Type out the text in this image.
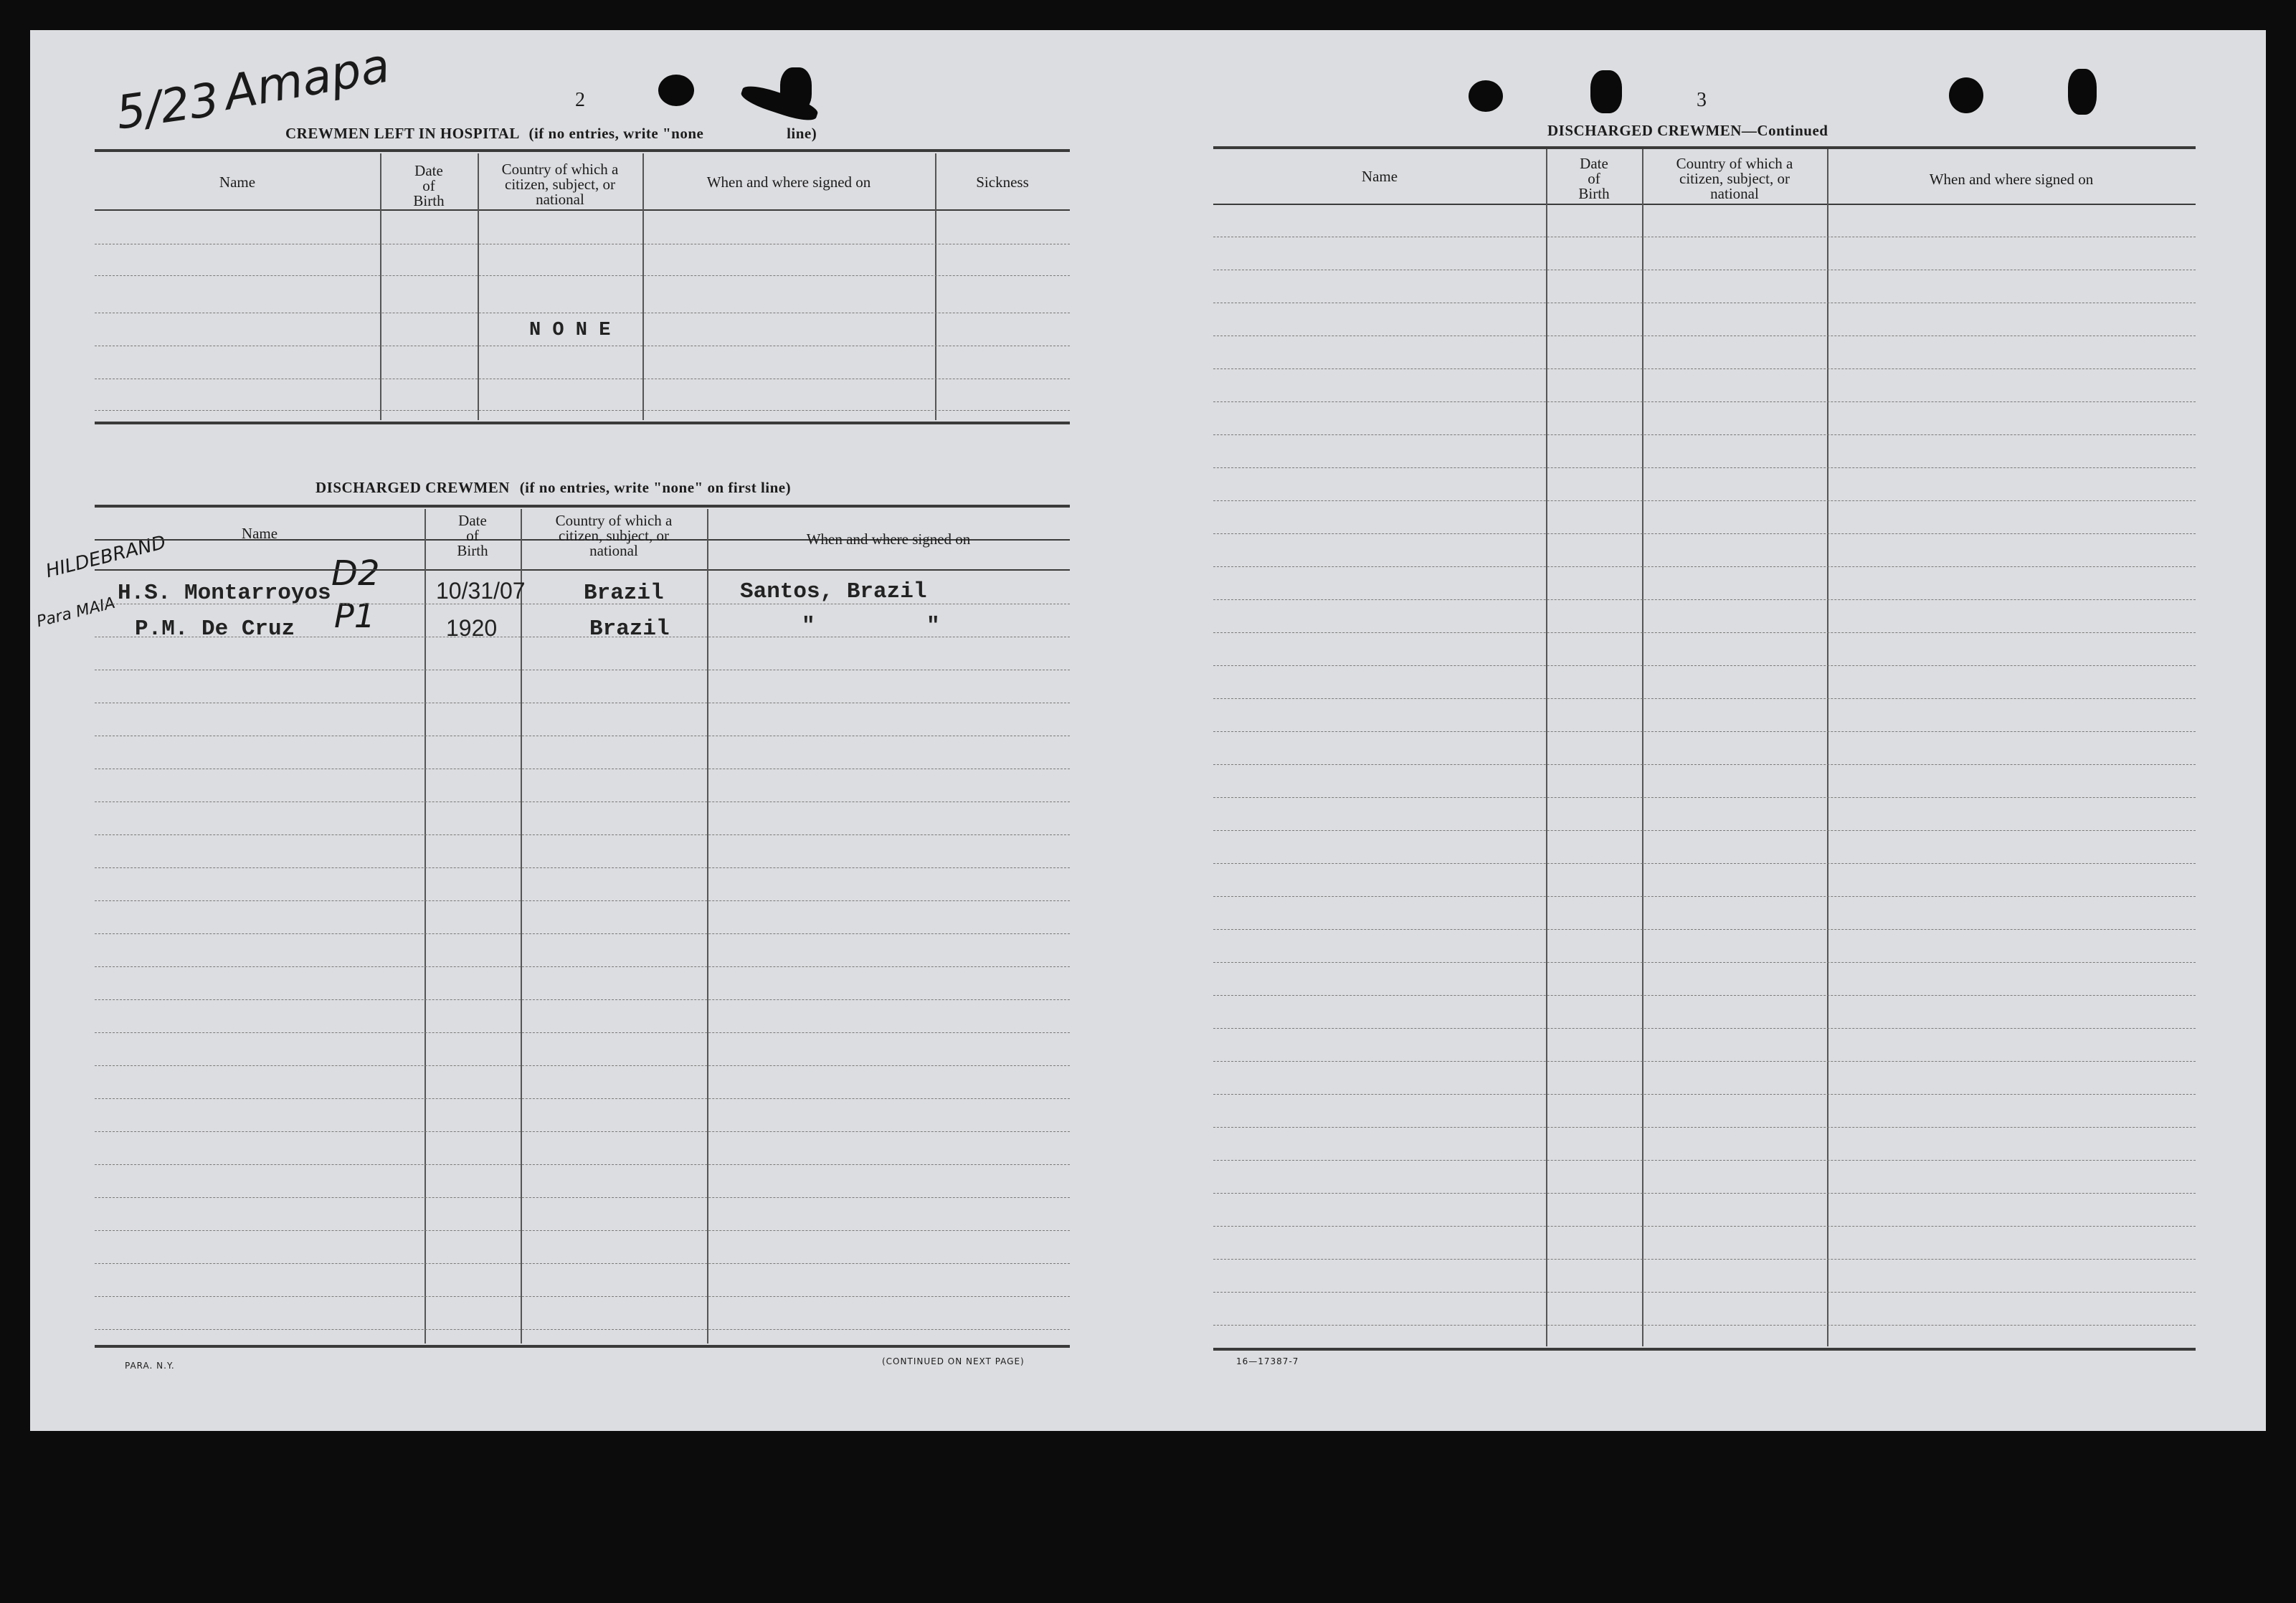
5/23
Amapa
HILDEBRAND
Para MAIA
D2
P1
2
CREWMEN LEFT IN HOSPITAL (if no entries, write "none	line)
Name
Date
of
Birth
Country of which a
citizen, subject, or
national
When and where signed on	Sickness
N O N E
DISCHARGED CREWMEN (if no entries, write "none" on first line)
Name
Date
of
Birth
Country of which a
citizen, subject, or
national
When and where signed on
H.S. Montarroyos	10/31/07	Brazil	Santos, Brazil
P.M. De Cruz	1920	Brazil	"	"
PARA. N.Y.	(CONTINUED ON NEXT PAGE)
3
DISCHARGED CREWMEN—Continued
Name
Date
of
Birth
Country of which a
citizen, subject, or
national
When and where signed on
16—17387-7
